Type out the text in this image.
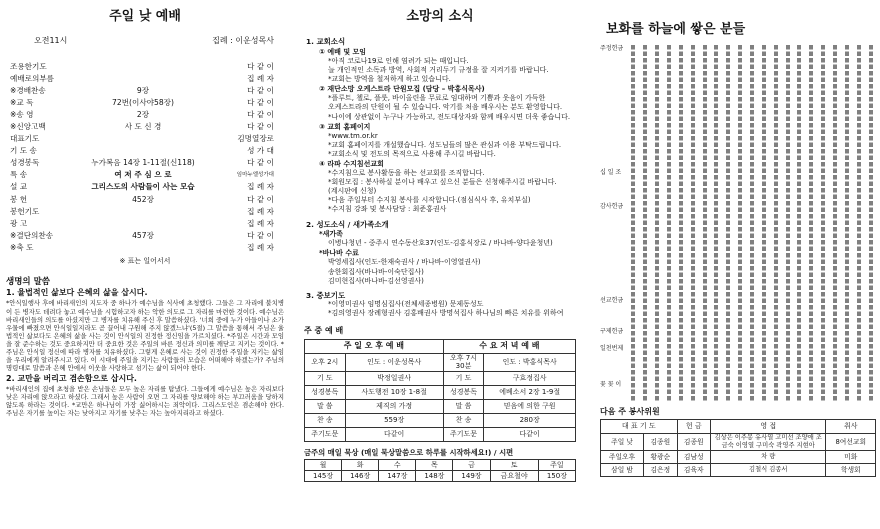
주일 낮 예배
오전11시	집례 : 이운성목사
조용한기도	다 같 이
예배로의부름	집 례 자
※경배찬송	9장	다 같 이
※교 독	72번(이사야58장)	다 같 이
※송 영	2장	다 같 이
※신앙고백	사 도 신 경	다 같 이
대표기도	김명열장로
기 도 송	성 가 대
성경봉독	누가복음 14장 1-11절(신118)	다 같 이
특 송	여 저 주 심 으 로	임마누엘성가대
설 교	그리스도의 사람들이 사는 모습	집 례 자
봉 헌	452장	다 같 이
봉헌기도	집 례 자
광 고	집 례 자
※결단의찬송	457장	다 같 이
※축 도	집 례 자
※ 표는 일어서서
생명의 말씀
1. 율법적인 삶보다 은혜의 삶을 삽시다.

*안식일행사 후에 바리새인의 지도자 중 하나가 예수님을 식사에 초청했다. 그들은 그 자리에 불치병이 든 병자도 데려다 놓고 예수님을 시험하고자 하는 악한 의도로 그 자리를 마련한 것이다. 예수님은 바리새인들의 의도를 아셨지만 그 병자를 치유해 주신 후 말씀하셨다. '너희 중에 누가 아들이나 소가 우물에 빠졌으면 안식일일지라도 곧 끌어내 구원해 주지 않겠느냐'(5절) 그 말씀을 통해서 주님은 율법적인 삶보다도 은혜의 삶을 사는 것이 안식일의 진정한 정신임을 가르치셨다. *주일은 시간과 모임을 잘 준수하는 것도 중요하지만 더 중요한 것은 주일의 바른 정신과 의미를 깨닫고 지키는 것이다. *주님은 안식일 정신에 따라 병자를 치유하셨다. 그렇게 은혜로 사는 것이 진정한 주일을 지키는 삶임을 우리에게 알려주시고 있다. 이 시대에 주일을 지키는 사람들의 모습은 어떠해야 하겠는가? 주님의 명령대로 말씀과 은혜 안에서 이웃을 사랑하고 섬기는 삶이 되어야 한다.

2. 교만을 버리고 겸손함으로 삽시다.

*바리새인의 집에 초청을 받은 손님들은 모두 높은 자리를 탐냈다. 그들에게 예수님은 높은 자리보다 낮은 자리에 앉으라고 하셨다. 그래서 높은 사람이 오면 그 자리를 양보해야 하는 부끄러움을 당하지 않도록 하라는 것이다. *교만은 하나님이 가장 싫어하시는 죄악이다. 그리스도인은 겸손해야 한다. 주님은 자기를 높이는 자는 낮아지고 자기를 낮추는 자는 높아지리라고 하셨다.

소망의 소식
1. 교회소식
① 예배 및 모임
*아직 코로나19로 인해 염려가 되는 때입니다.
늘 개인적인 소독과 방역, 사회적 거리두기 규정을 잘 지켜기를 바랍니다.
*교회는 방역을 철저하게 하고 있습니다.
② 재단소망 오케스트라 단원모집 (담당 – 박홍식목사)
*플루트, 첼로, 플룻, 바이올린을 무료로 임대하며 기쁨과 웃음이 가득한
오케스트라의 단원이 될 수 있습니다. 악기를 처음 배우시는 분도 환영합니다.
*나이에 상관없이 누구나 가능하고, 전도대상자와 함께 배우시면 더욱 좋습니다.
③ 교회 홈페이지
*www.tm.or.kr
*교회 홈페이지를 개설했습니다. 성도님들의 많은 관심과 이용 부탁드립니다.
*교회소식 및 전도의 목적으로 사용해 주시길 바랍니다.
④ 라파 수지침선교회
*수지침으로 봉사활동을 하는 선교회를 조직합니다.
*회원모집 : 봉사하실 분이나 배우고 싶으신 분들은 신청해주시길 바랍니다.
(계시판에 신청)
*다음 주일부터 수지침 봉사를 시작합니다.(점심식사 후, 유치부실)
*수지침 강좌 및 봉사담당 : 최준홍권사
2. 성도소식 / 새가족소개
*새가족
이병나청년 - 중주시 연수동산호37(인도-김홍식장로 / 바나바-양다윤청년)
*바나바 수료
박영세집사(인도-한재숙권사 / 바나바-이영열권사)
송한회집사(바나바-이숙단집사)
김미현집사(바나바-김선영권사)
3. 중보기도
*이영미권사 임명심집사(전체세종병원) 문제동성도
*김의영권사 장례형권사 김홍배권사 방명석집사 하나님의 빠른 치유를 위하여
주 중 예 배
주 일 오 후 예 배		수 요 저 녁 예 배	
오후 2시	인도 : 이운성목사	오후 7시 30분	인도 : 박홍식목사
기 도	박정일권사	기 도	구효정집사
성경봉독	사도행전 10장 1-8절	성경봉독	에베소서 2장 1-9절
말 씀	제직의 가정	말 씀	믿음에 의한 구원
찬 송	559장	찬 송	280장
주기도문	다같이	주기도문	다같이
금주의 매일 묵상 (매일 묵상말씀으로 하루를 시작하세요!) / 시편
월	화	수	목	금	토	주일
145장	146장	147장	148장	149장	금요철야	150장
보화를 하늘에 쌓은 분들
주정헌금
십 일 조
감사헌금
선교헌금
구제헌금
일천번제
꽃 꽂 이
다음 주 봉사위원
대 표 기 도		헌 금	영 접	취사
주일 낮	김종원	김종원	김상은 이주봉 유사열 고미선 조양애 조금숙 이영열 구미숙 곽영주 지현아	8여선교회
주일오후	황광순	김남성	차 량	미화
삼일 밤	김은정	김육자	김철식 김종서	학생회
